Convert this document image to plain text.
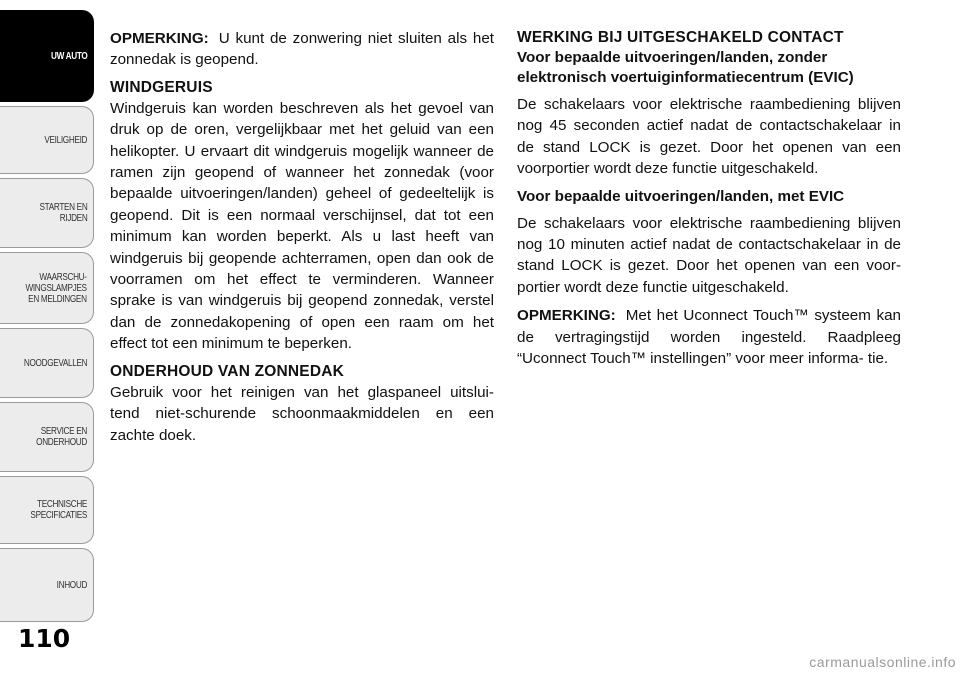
UW AUTO
VEILIGHEID
STARTEN EN
RIJDEN
WAARSCHU-
WINGSLAMPJES
EN MELDINGEN
NOODGEVALLEN
SERVICE EN
ONDERHOUD
TECHNISCHE
SPECIFICATIES
INHOUD
110

OPMERKING: U kunt de zonwering niet sluiten als het zonnedak is geopend.

WINDGERUIS

Windgeruis kan worden beschreven als het gevoel van druk op de oren, vergelijkbaar met het geluid van een helikopter. U ervaart dit windgeruis mogelijk wanneer de ramen zijn geopend of wanneer het zonnedak (voor bepaalde uitvoeringen/landen) geheel of gedeeltelijk is geopend. Dit is een normaal verschijnsel, dat tot een minimum kan worden beperkt. Als u last heeft van windgeruis bij geopende achterramen, open dan ook de voorramen om het effect te verminderen. Wanneer sprake is van windgeruis bij geopend zonnedak, verstel dan de zonnedakopening of open een raam om het effect tot een minimum te beperken.

ONDERHOUD VAN ZONNEDAK

Gebruik voor het reinigen van het glaspaneel uitslui- tend niet-schurende schoonmaakmiddelen en een zachte doek.

WERKING BIJ UITGESCHAKELD CONTACT
Voor bepaalde uitvoeringen/landen, zonder elektronisch voertuiginformatiecentrum (EVIC)

De schakelaars voor elektrische raambediening blijven nog 45 seconden actief nadat de contactschakelaar in de stand LOCK is gezet. Door het openen van een voorportier wordt deze functie uitgeschakeld.

Voor bepaalde uitvoeringen/landen, met EVIC

De schakelaars voor elektrische raambediening blijven nog 10 minuten actief nadat de contactschakelaar in de stand LOCK is gezet. Door het openen van een voor- portier wordt deze functie uitgeschakeld.

OPMERKING: Met het Uconnect Touch™ systeem kan de vertragingstijd worden ingesteld. Raadpleeg “Uconnect Touch™ instellingen” voor meer informa- tie.

carmanualsonline.info
